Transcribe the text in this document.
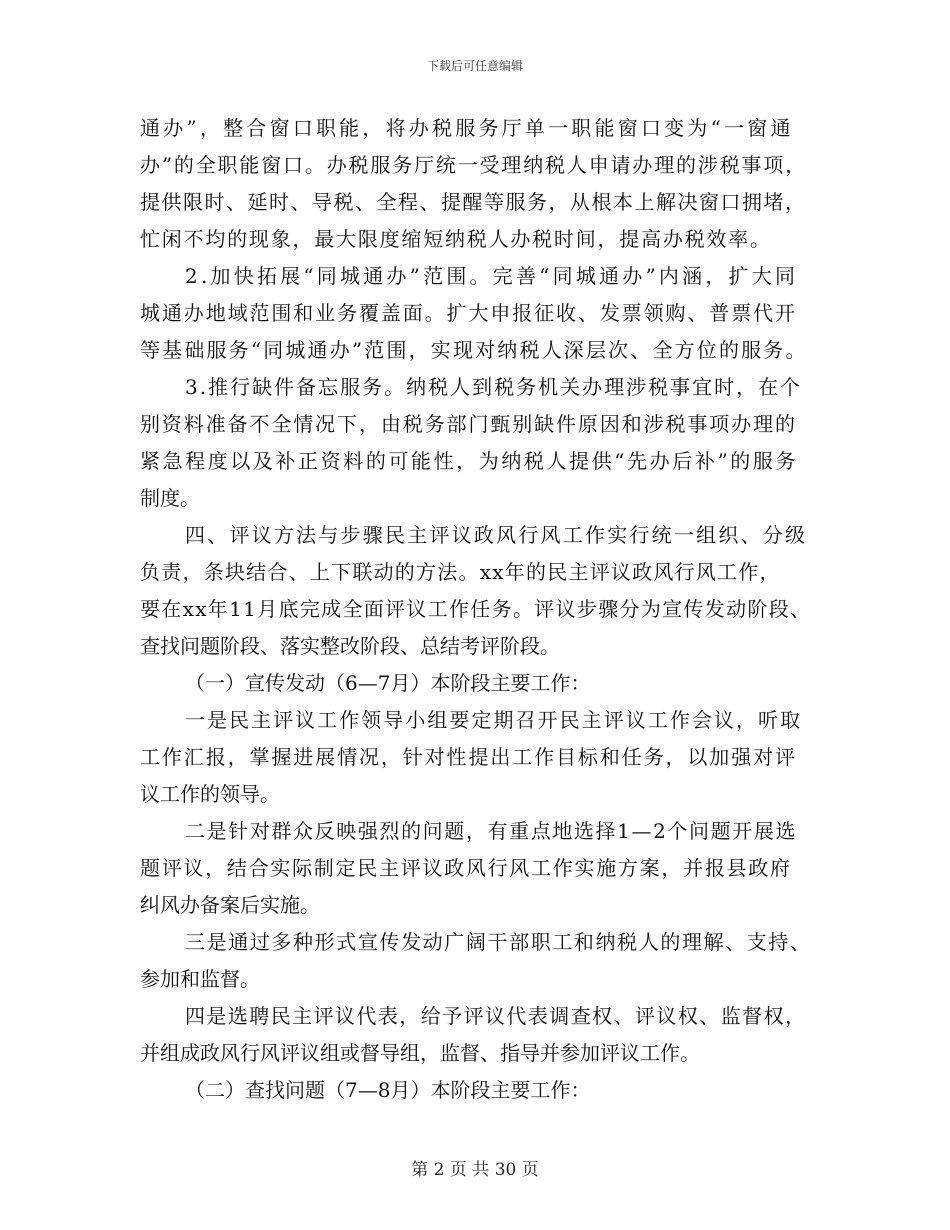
下载后可任意编辑
通办”，整合窗口职能，将办税服务厅单一职能窗口变为“一窗通
办”的全职能窗口。办税服务厅统一受理纳税人申请办理的涉税事项，
提供限时、延时、导税、全程、提醒等服务，从根本上解决窗口拥堵，
忙闲不均的现象，最大限度缩短纳税人办税时间，提高办税效率。
2.加快拓展“同城通办”范围。完善“同城通办”内涵，扩大同
城通办地域范围和业务覆盖面。扩大申报征收、发票领购、普票代开
等基础服务“同城通办”范围，实现对纳税人深层次、全方位的服务。
3.推行缺件备忘服务。纳税人到税务机关办理涉税事宜时，在个
别资料准备不全情况下，由税务部门甄别缺件原因和涉税事项办理的
紧急程度以及补正资料的可能性，为纳税人提供“先办后补”的服务
制度。
四、评议方法与步骤民主评议政风行风工作实行统一组织、分级
负责，条块结合、上下联动的方法。xx年的民主评议政风行风工作，
要在xx年11月底完成全面评议工作任务。评议步骤分为宣传发动阶段、
查找问题阶段、落实整改阶段、总结考评阶段。
（一）宣传发动（6—7月）本阶段主要工作：
一是民主评议工作领导小组要定期召开民主评议工作会议，听取
工作汇报，掌握进展情况，针对性提出工作目标和任务，以加强对评
议工作的领导。
二是针对群众反映强烈的问题，有重点地选择1—2个问题开展选
题评议，结合实际制定民主评议政风行风工作实施方案，并报县政府
纠风办备案后实施。
三是通过多种形式宣传发动广阔干部职工和纳税人的理解、支持、
参加和监督。
四是选聘民主评议代表，给予评议代表调查权、评议权、监督权，
并组成政风行风评议组或督导组，监督、指导并参加评议工作。
（二）查找问题（7—8月）本阶段主要工作：
第 2 页 共 30 页
